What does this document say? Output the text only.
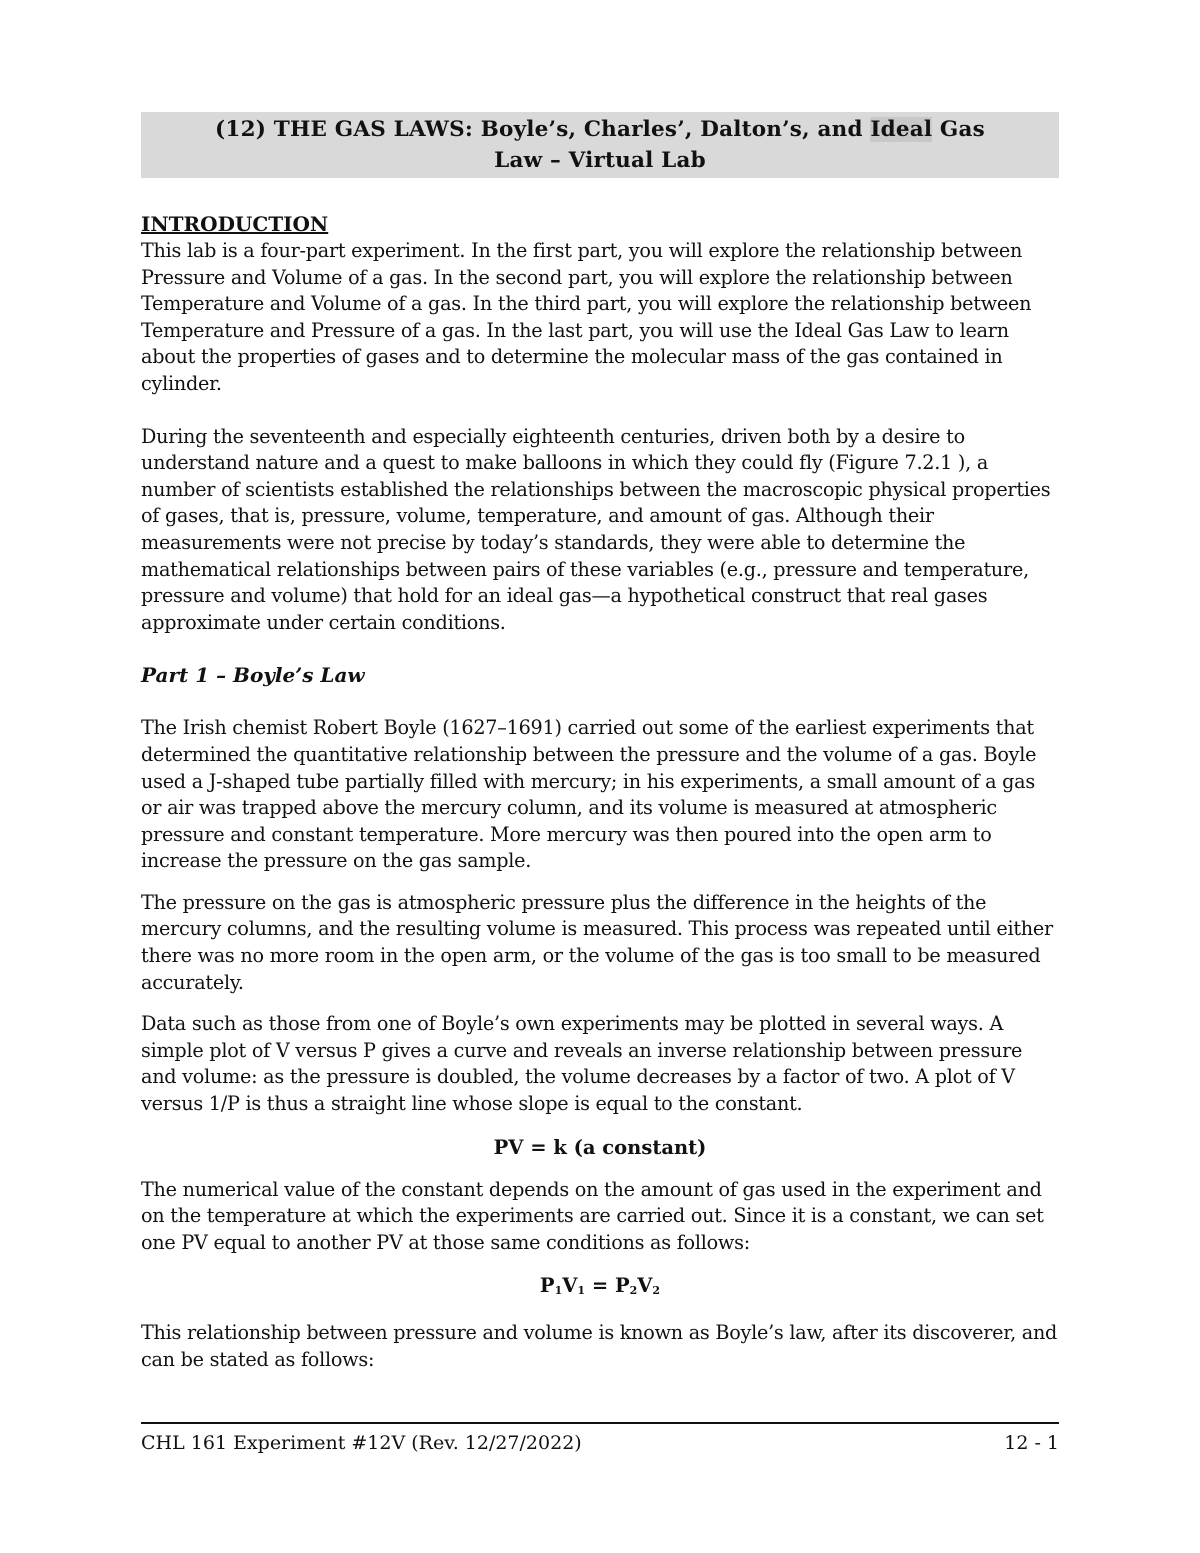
(12) THE GAS LAWS: Boyle’s, Charles’, Dalton’s, and Ideal Gas
Law – Virtual Lab
INTRODUCTION

This lab is a four-part experiment. In the first part, you will explore the relationship between Pressure and Volume of a gas. In the second part, you will explore the relationship between Temperature and Volume of a gas. In the third part, you will explore the relationship between Temperature and Pressure of a gas. In the last part, you will use the Ideal Gas Law to learn about the properties of gases and to determine the molecular mass of the gas contained in cylinder.

During the seventeenth and especially eighteenth centuries, driven both by a desire to understand nature and a quest to make balloons in which they could fly (Figure 7.2.1 ), a number of scientists established the relationships between the macroscopic physical properties of gases, that is, pressure, volume, temperature, and amount of gas. Although their measurements were not precise by today’s standards, they were able to determine the mathematical relationships between pairs of these variables (e.g., pressure and temperature, pressure and volume) that hold for an ideal gas—a hypothetical construct that real gases approximate under certain conditions.

Part 1 – Boyle’s Law

The Irish chemist Robert Boyle (1627–1691) carried out some of the earliest experiments that determined the quantitative relationship between the pressure and the volume of a gas. Boyle used a J-shaped tube partially filled with mercury; in his experiments, a small amount of a gas or air was trapped above the mercury column, and its volume is measured at atmospheric pressure and constant temperature. More mercury was then poured into the open arm to increase the pressure on the gas sample.

The pressure on the gas is atmospheric pressure plus the difference in the heights of the mercury columns, and the resulting volume is measured. This process was repeated until either there was no more room in the open arm, or the volume of the gas is too small to be measured accurately.

Data such as those from one of Boyle’s own experiments may be plotted in several ways. A simple plot of V versus P gives a curve and reveals an inverse relationship between pressure and volume: as the pressure is doubled, the volume decreases by a factor of two. A plot of V versus 1/P is thus a straight line whose slope is equal to the constant.

PV = k (a constant)

The numerical value of the constant depends on the amount of gas used in the experiment and on the temperature at which the experiments are carried out. Since it is a constant, we can set one PV equal to another PV at those same conditions as follows:

$P_1V_1 = P_2V_2$

This relationship between pressure and volume is known as Boyle’s law, after its discoverer, and can be stated as follows:

CHL 161 Experiment #12V (Rev. 12/27/2022)	12 - 1
